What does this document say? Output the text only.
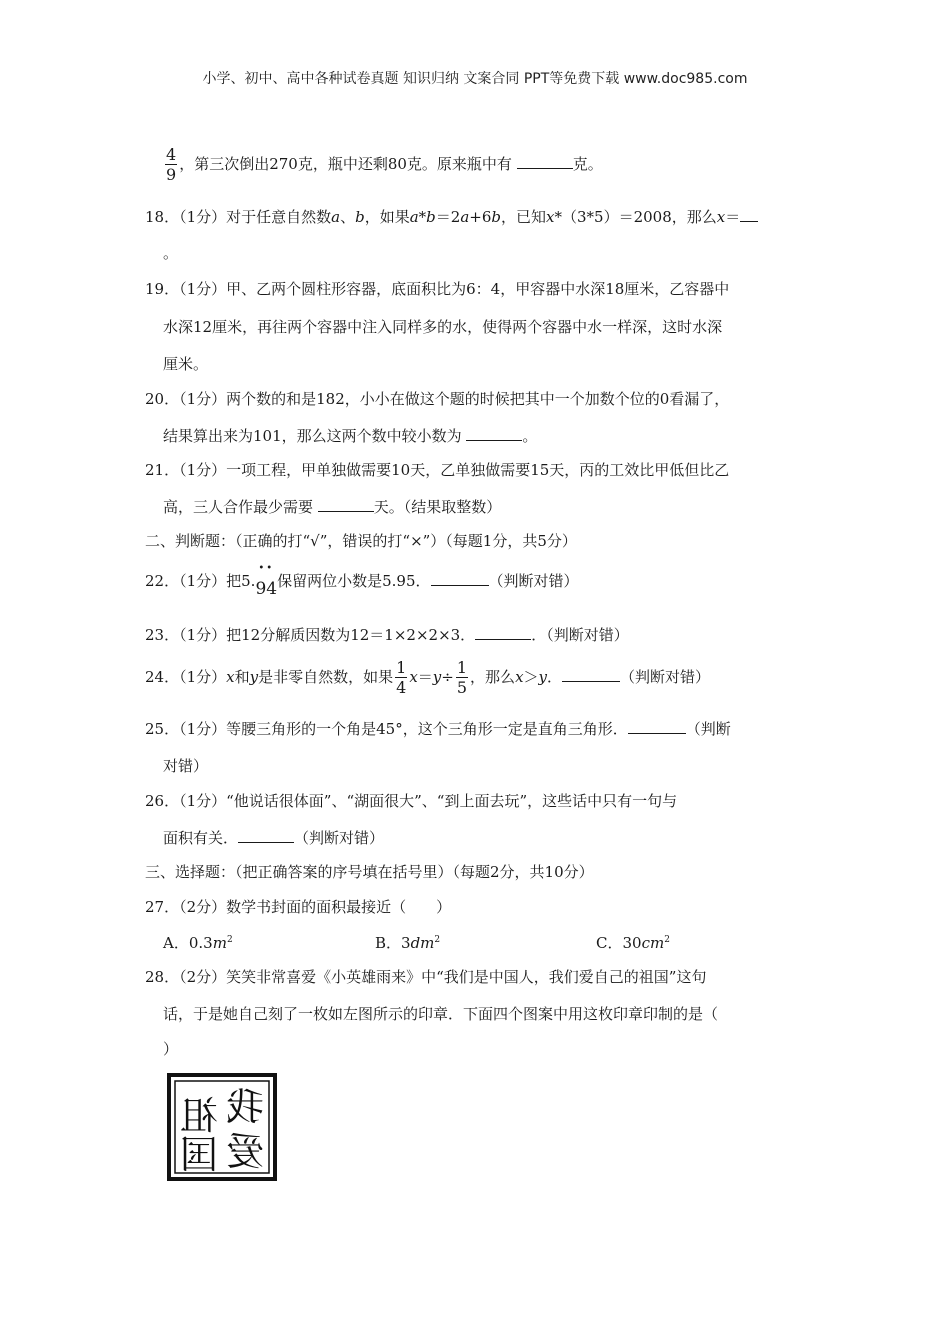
小学、初中、高中各种试卷真题 知识归纳 文案合同 PPT等免费下载 www.doc985.com
$\frac{4}{9}$ ，第三次倒出270克，瓶中还剩80克。原来瓶中有	克。
18．（1分）对于任意自然数a、b，如果a*b＝2a+6b，已知x*（3*5）＝2008，那么x＝
。
19．（1分）甲、乙两个圆柱形容器，底面积比为6：4，甲容器中水深18厘米，乙容器中
水深12厘米，再往两个容器中注入同样多的水，使得两个容器中水一样深，这时水深
厘米。
20．（1分）两个数的和是182，小小在做这个题的时候把其中一个加数个位的0看漏了，
结果算出来为101，那么这两个数中较小数为	。
21．（1分）一项工程，甲单独做需要10天，乙单独做需要15天，丙的工效比甲低但比乙
高，三人合作最少需要	天。（结果取整数）
二、判断题：（正确的打“√”，错误的打“×”）（每题1分，共5分）
22．（1分）把5.
••
94保留两位小数是5.95．	（判断对错）
23．（1分）把12分解质因数为12＝1×2×2×3．	．（判断对错）
24．（1分）x和y是非零自然数，如果 $\frac{1}{4} x=y\div \frac{1}{5}$ ，那么x＞y．	（判断对错）
25．（1分）等腰三角形的一个角是45°，这个三角形一定是直角三角形．	（判断
对错）
26．（1分）“他说话很体面”、“湖面很大”、“到上面去玩”，这些话中只有一句与
面积有关．	（判断对错）
三、选择题：（把正确答案的序号填在括号里）（每题2分，共10分）
27．（2分）数学书封面的面积最接近（　　）
A．$0.3m^2$	B．$3dm^2$	C．$30cm^2$
28．（2分）笑笑非常喜爱《小英雄雨来》中“我们是中国人，我们爱自己的祖国”这句
话，于是她自己刻了一枚如左图所示的印章．下面四个图案中用这枚印章印制的是（
）
我
爱
祖
国
